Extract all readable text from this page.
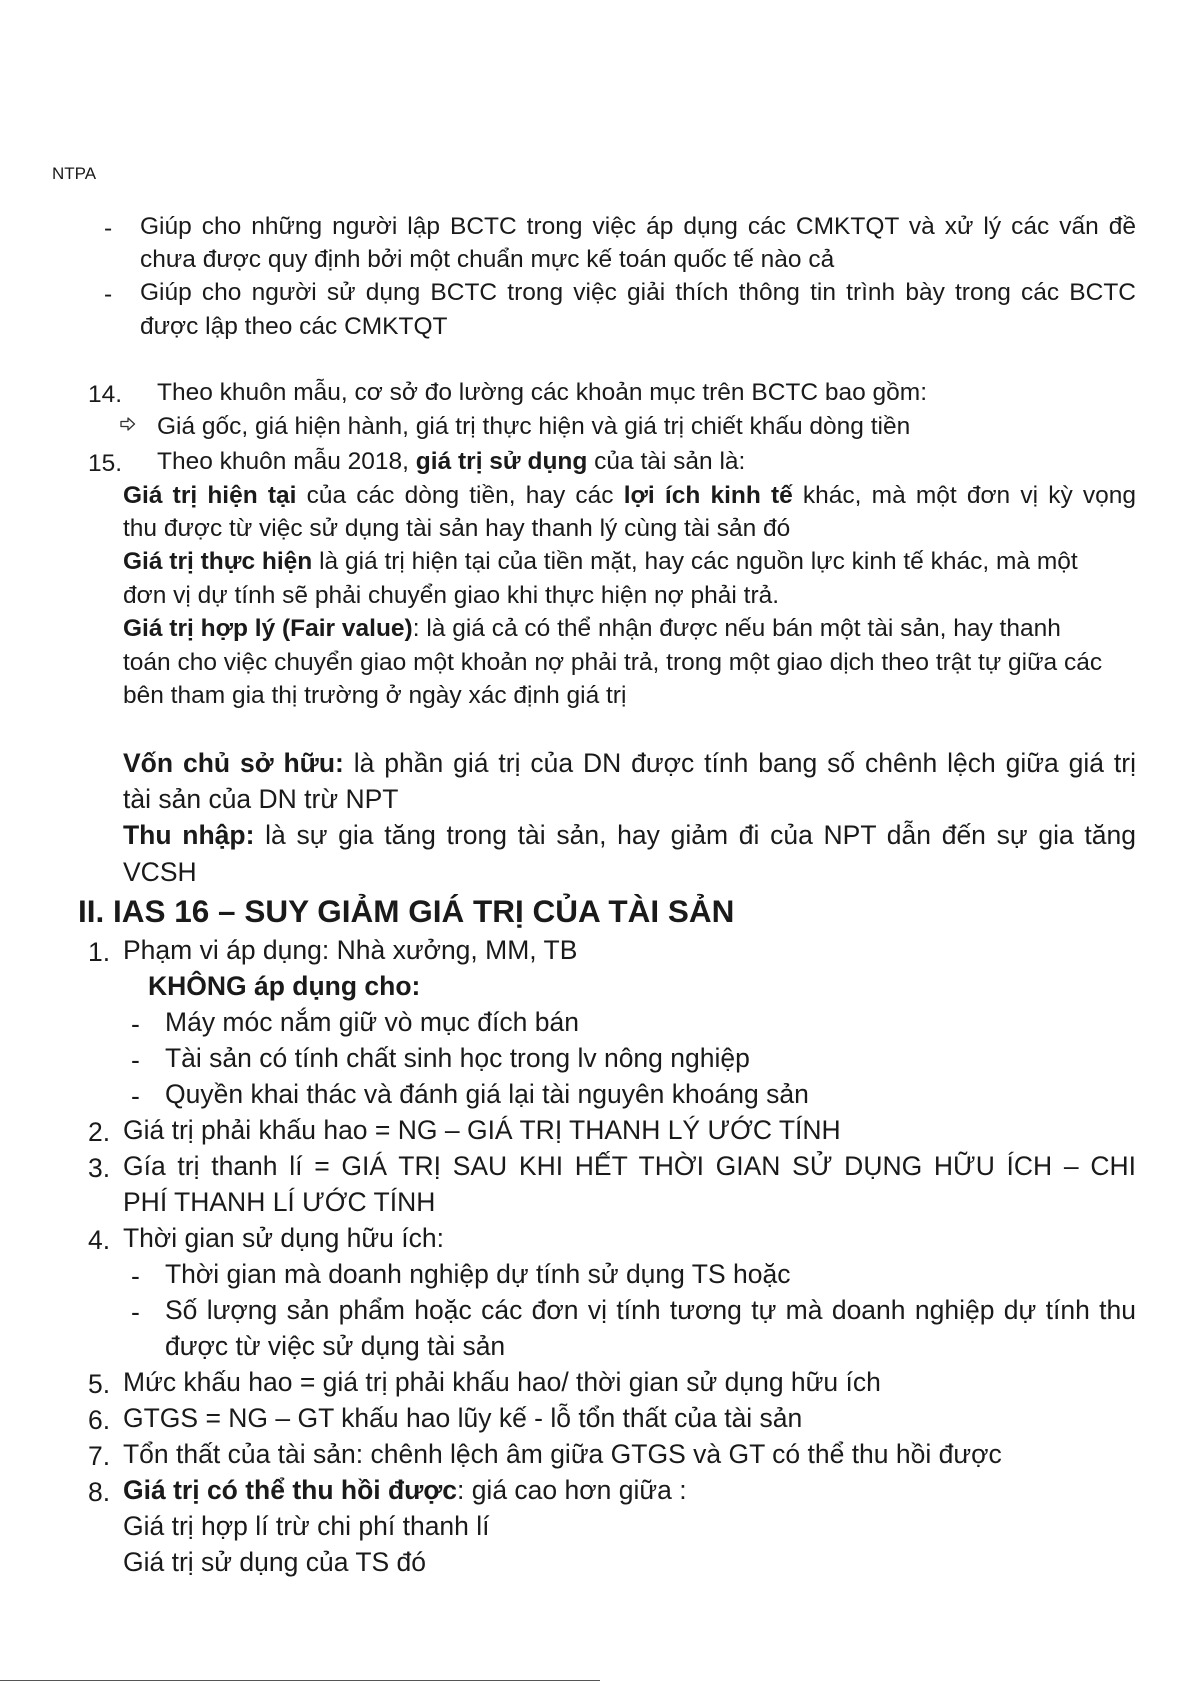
NTPA
- Giúp cho những người lập BCTC trong việc áp dụng các CMKTQT và xử lý các vấn đề
chưa được quy định bởi một chuẩn mực kế toán quốc tế nào cả
- Giúp cho người sử dụng BCTC trong việc giải thích thông tin trình bày trong các BCTC
được lập theo các CMKTQT
14. Theo khuôn mẫu, cơ sở đo lường các khoản mục trên BCTC bao gồm:
Giá gốc, giá hiện hành, giá trị thực hiện và giá trị chiết khấu dòng tiền
15. Theo khuôn mẫu 2018, giá trị sử dụng của tài sản là:
Giá trị hiện tại của các dòng tiền, hay các lợi ích kinh tế khác, mà một đơn vị kỳ vọng
thu được từ việc sử dụng tài sản hay thanh lý cùng tài sản đó
Giá trị thực hiện là giá trị hiện tại của tiền mặt, hay các nguồn lực kinh tế khác, mà một
đơn vị dự tính sẽ phải chuyển giao khi thực hiện nợ phải trả.
Giá trị hợp lý (Fair value): là giá cả có thể nhận được nếu bán một tài sản, hay thanh
toán cho việc chuyển giao một khoản nợ phải trả, trong một giao dịch theo trật tự giữa các
bên tham gia thị trường ở ngày xác định giá trị
Vốn chủ sở hữu: là phần giá trị của DN được tính bang số chênh lệch giữa giá trị
tài sản của DN trừ NPT
Thu nhập: là sự gia tăng trong tài sản, hay giảm đi của NPT dẫn đến sự gia tăng
VCSH
II. IAS 16 – SUY GIẢM GIÁ TRỊ CỦA TÀI SẢN
1. Phạm vi áp dụng: Nhà xưởng, MM, TB
KHÔNG áp dụng cho:
- Máy móc nắm giữ vò mục đích bán
- Tài sản có tính chất sinh học trong lv nông nghiệp
- Quyền khai thác và đánh giá lại tài nguyên khoáng sản
2. Giá trị phải khấu hao = NG – GIÁ TRỊ THANH LÝ ƯỚC TÍNH
3. Gía trị thanh lí = GIÁ TRỊ SAU KHI HẾT THỜI GIAN SỬ DỤNG HỮU ÍCH – CHI
PHÍ THANH LÍ ƯỚC TÍNH
4. Thời gian sử dụng hữu ích:
- Thời gian mà doanh nghiệp dự tính sử dụng TS hoặc
- Số lượng sản phẩm hoặc các đơn vị tính tương tự mà doanh nghiệp dự tính thu
được từ việc sử dụng tài sản
5. Mức khấu hao = giá trị phải khấu hao/ thời gian sử dụng hữu ích
6. GTGS = NG – GT khấu hao lũy kế - lỗ tổn thất của tài sản
7. Tổn thất của tài sản: chênh lệch âm giữa GTGS và GT có thể thu hồi được
8. Giá trị có thể thu hồi được: giá cao hơn giữa :
Giá trị hợp lí trừ chi phí thanh lí
Giá trị sử dụng của TS đó
